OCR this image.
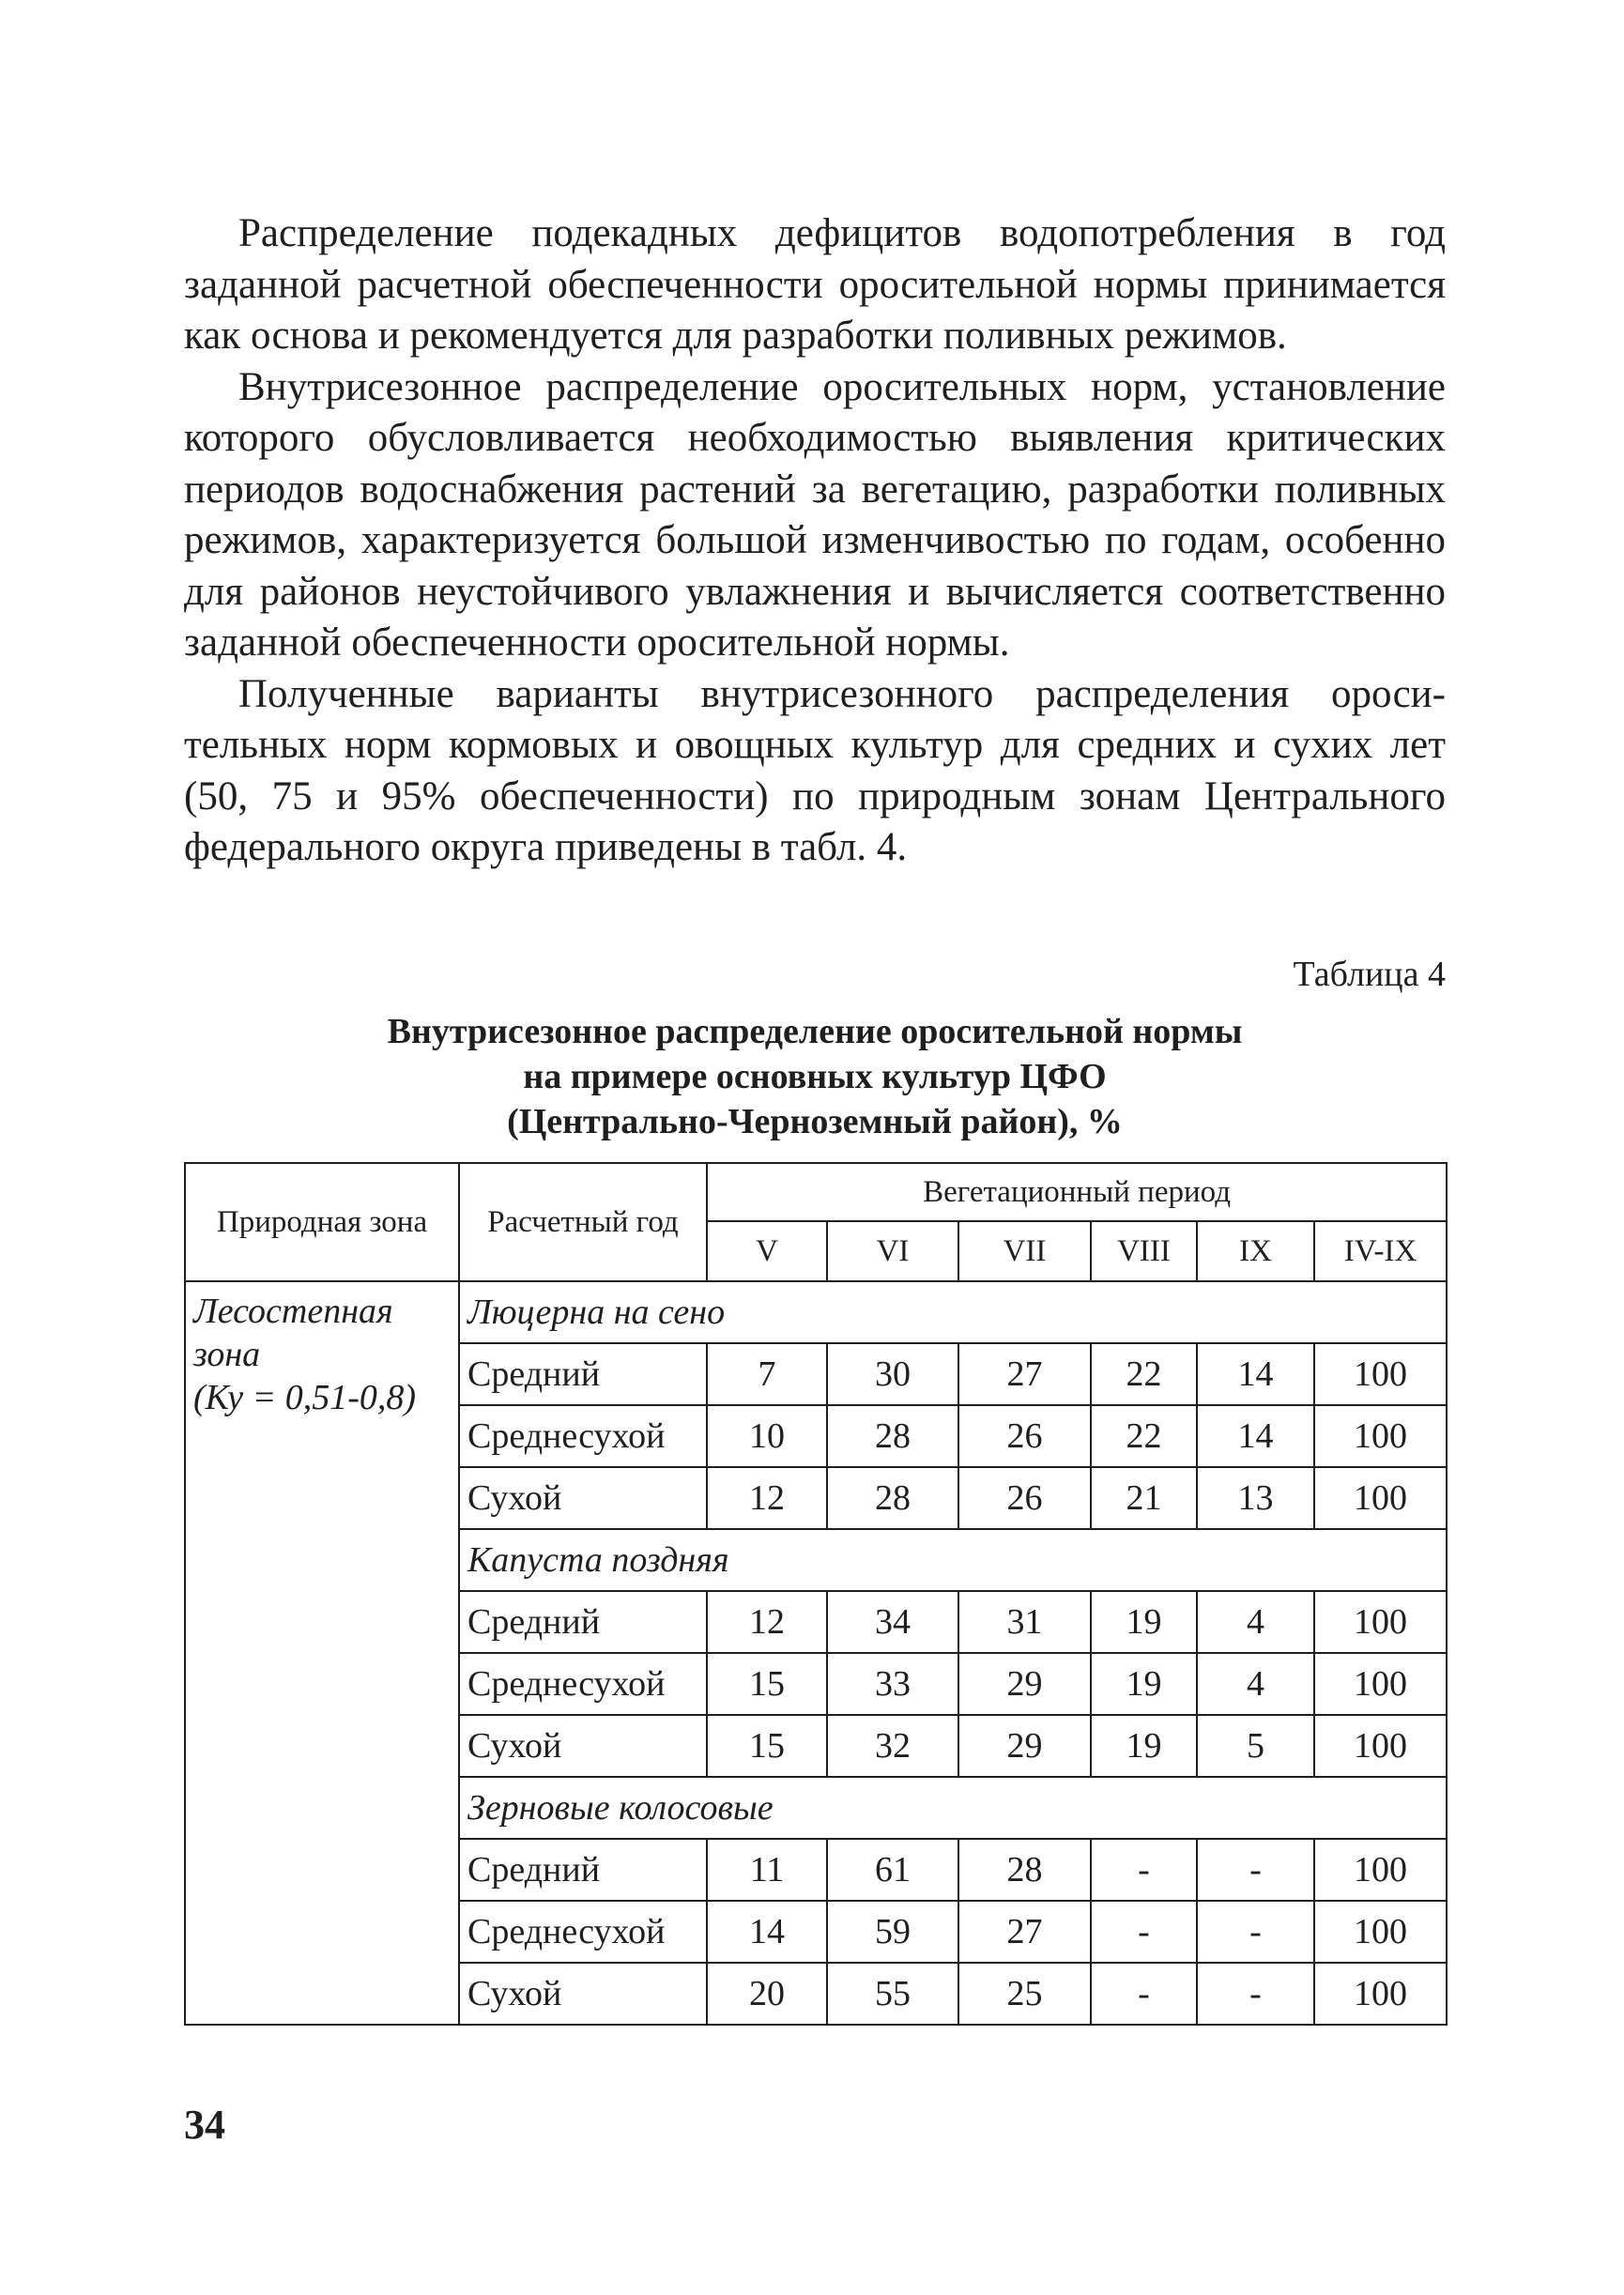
Распределение подекадных дефицитов водопотребления в год заданной расчетной обеспеченности оросительной нормы принимается как основа и рекомендуется для разработки поливных режимов.

Внутрисезонное распределение оросительных норм, установление которого обусловливается необходимостью выявления критических периодов водоснабжения растений за вегетацию, разработки поливных режимов, характеризуется большой изменчивостью по годам, особенно для районов неустойчивого увлажнения и вычисляется соответственно заданной обеспеченности оросительной нормы.

Полученные варианты внутрисезонного распределения оросительных норм кормовых и овощных культур для средних и сухих лет (50, 75 и 95% обеспеченности) по природным зонам Центрального федерального округа приведены в табл. 4.

Таблица 4
Внутрисезонное распределение оросительной нормы
на примере основных культур ЦФО
(Центрально-Черноземный район), %
Природная зона	Расчетный год	Вегетационный период					
		V	VI	VII	VIII	IX	IV-IX

Лесостепная
зона
(Ку = 0,51-0,8)	Люцерна на сено						
	Средний	7	30	27	22	14	100
	Среднесухой	10	28	26	22	14	100
	Сухой	12	28	26	21	13	100
	Капуста поздняя						
	Средний	12	34	31	19	4	100
	Среднесухой	15	33	29	19	4	100
	Сухой	15	32	29	19	5	100
	Зерновые колосовые						
	Средний	11	61	28	-	-	100
	Среднесухой	14	59	27	-	-	100
	Сухой	20	55	25	-	-	100
34
